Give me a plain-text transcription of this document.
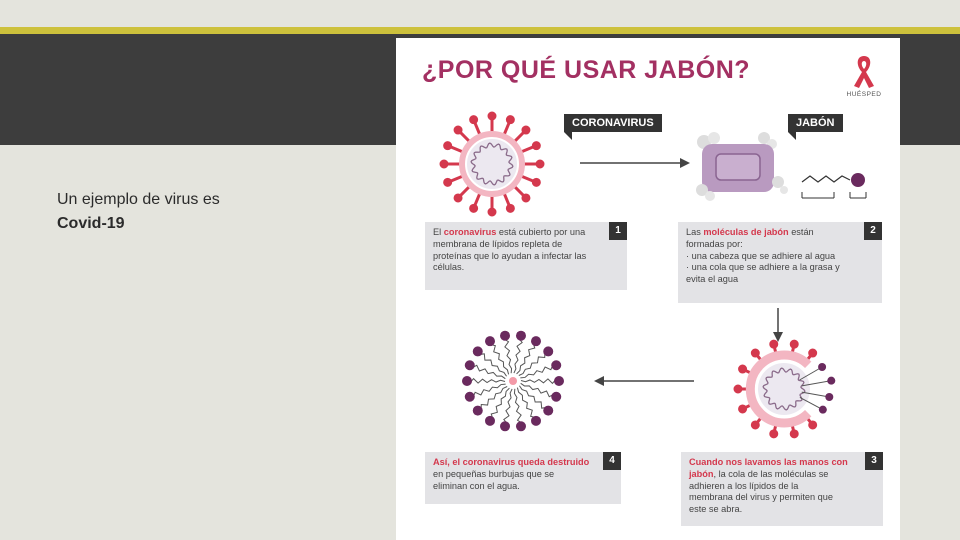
Un ejemplo de virus es
Covid-19
¿POR QUÉ USAR JABÓN?
HUÉSPED
CORONAVIRUS	JABÓN
El coronavirus está cubierto por una
membrana de lípidos repleta de
proteínas que lo ayudan a infectar las
células.
1	Las moléculas de jabón están
formadas por:
· una cabeza que se adhiere al agua
· una cola que se adhiere a la grasa y
evita el agua
2
Así, el coronavirus queda destruido
en pequeñas burbujas que se
eliminan con el agua.
4	Cuando nos lavamos las manos con
jabón, la cola de las moléculas se
adhieren a los lípidos de la
membrana del virus y permiten que
este se abra.
3
